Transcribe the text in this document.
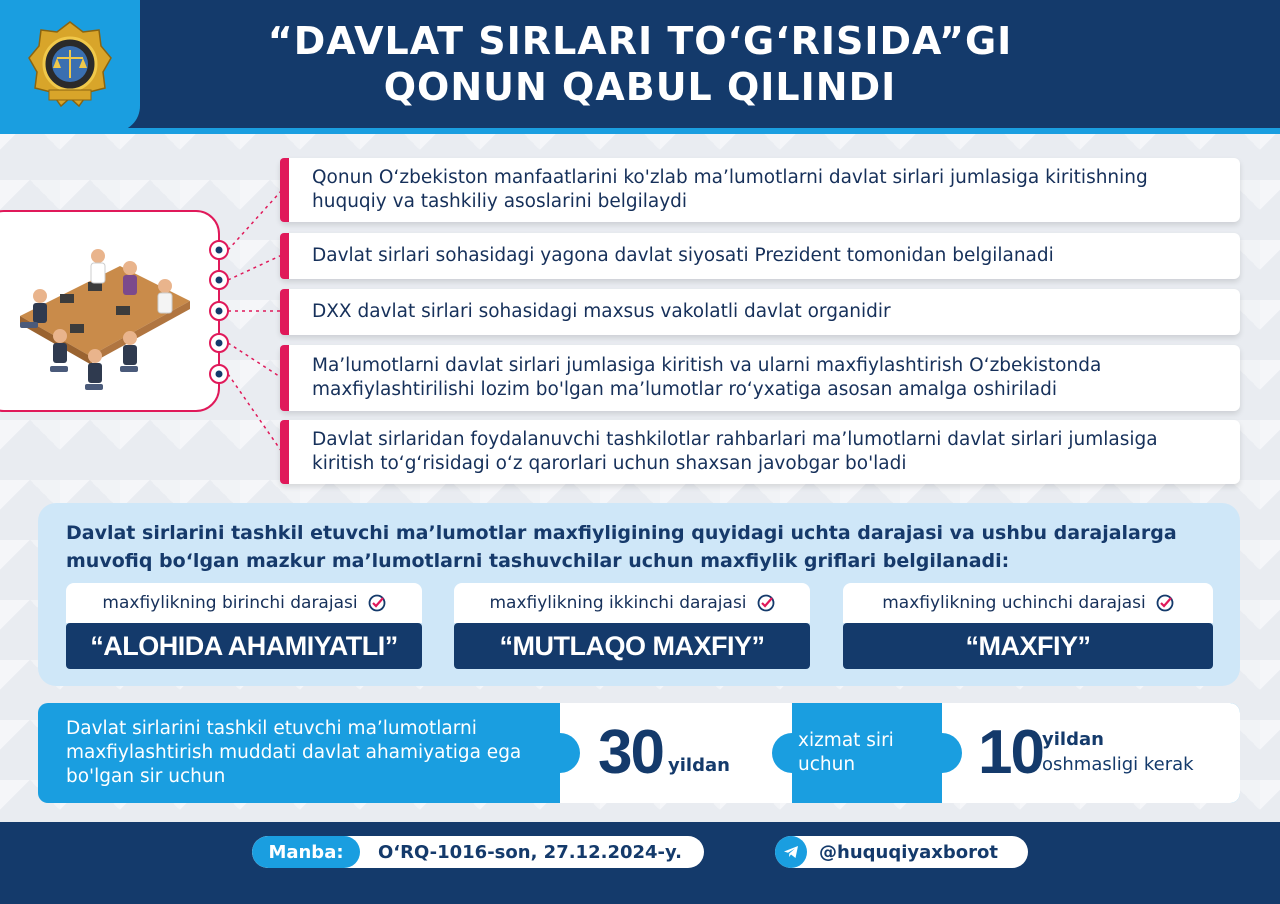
“DAVLAT SIRLARI TO‘G‘RISIDA”GI
QONUN QABUL QILINDI
Qonun O‘zbekiston manfaatlarini ko'zlab ma’lumotlarni davlat sirlari jumlasiga kiritishning huquqiy va tashkiliy asoslarini belgilaydi
Davlat sirlari sohasidagi yagona davlat siyosati Prezident tomonidan belgilanadi
DXX davlat sirlari sohasidagi maxsus vakolatli davlat organidir
Ma’lumotlarni davlat sirlari jumlasiga kiritish va ularni maxfiylashtirish O‘zbekistonda maxfiylashtirilishi lozim bo'lgan ma’lumotlar ro‘yxatiga asosan amalga oshiriladi
Davlat sirlaridan foydalanuvchi tashkilotlar rahbarlari ma’lumotlarni davlat sirlari jumlasiga kiritish to‘g‘risidagi o‘z qarorlari uchun shaxsan javobgar bo'ladi
Davlat sirlarini tashkil etuvchi ma’lumotlar maxfiyligining quyidagi uchta darajasi va ushbu darajalarga muvofiq bo‘lgan mazkur ma’lumotlarni tashuvchilar uchun maxfiylik griflari belgilanadi:
maxfiylikning birinchi darajasi
“ALOHIDA AHAMIYATLI”
maxfiylikning ikkinchi darajasi
“MUTLAQO MAXFIY”
maxfiylikning uchinchi darajasi
“MAXFIY”
Davlat sirlarini tashkil etuvchi ma’lumotlarni maxfiylashtirish muddati davlat ahamiyatiga ega bo'lgan sir uchun	30 yildan
xizmat siri uchun	10 yildan
oshmasligi kerak
Manba:	O‘RQ-1016-son, 27.12.2024-y.	@huquqiyaxborot
